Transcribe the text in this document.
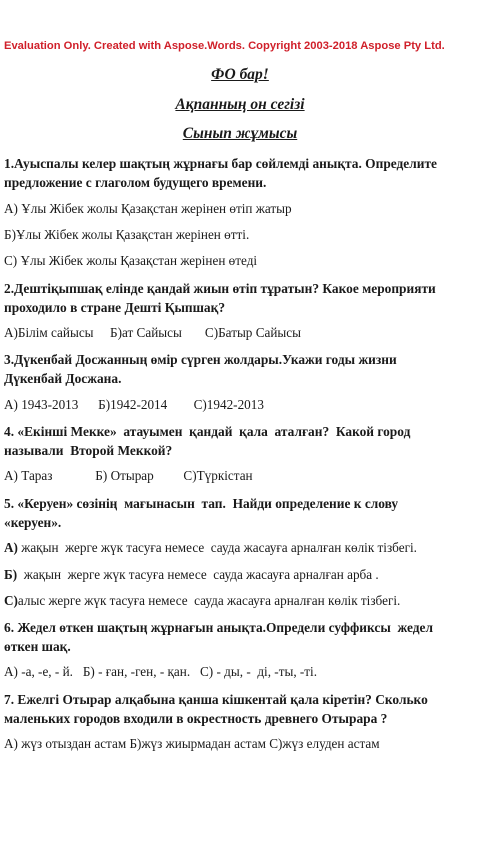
Evaluation Only. Created with Aspose.Words. Copyright 2003-2018 Aspose Pty Ltd.
ФО бар!
Ақпанның он сегізі
Сынып жұмысы
1.Ауыспалы келер шақтың жұрнағы бар сөйлемді анықта. Определите
предложение с глаголом будущего времени.
А) Ұлы Жібек жолы Қазақстан жерінен өтіп жатыр
Б)Ұлы Жібек жолы Қазақстан жерінен өтті.
С) Ұлы Жібек жолы Қазақстан жерінен өтеді
2.Дештіқыпшақ елінде қандай жиын өтіп тұратын? Какое мероприяти
проходило в стране Дешті Қыпшақ?
А)Білім сайысы     Б)ат Сайысы       С)Батыр Сайысы
3.Дүкенбай Досжанның өмір сүрген жолдары.Укажи годы жизни
Дүкенбай Досжана.
А) 1943-2013      Б)1942-2014        С)1942-2013
4. «Екінші Мекке»  атауымен  қандай  қала  аталған?  Какой город
называли  Второй Меккой?
А) Тараз             Б) Отырар         С)Түркістан
5. «Керуен» сөзінің  мағынасын  тап.  Найди определение к слову
«керуен».
А) жақын  жерге жүк тасуға немесе  сауда жасауға арналған көлік тізбегі.
Б)  жақын  жерге жүк тасуға немесе  сауда жасауға арналған арба .
С)алыс жерге жүк тасуға немесе  сауда жасауға арналған көлік тізбегі.
6. Жедел өткен шақтың жұрнағын анықта.Определи суффиксы  жедел
өткен шақ.
А) -а, -е, - й.   Б) - ған, -ген, - қан.   С) - ды, -  ді, -ты, -ті.
7. Ежелгі Отырар алқабына қанша кішкентай қала кіретін? Сколько
маленьких городов входили в окрестность древнего Отырара ?
А) жүз отыздан астам Б)жүз жиырмадан астам С)жүз елуден астам
